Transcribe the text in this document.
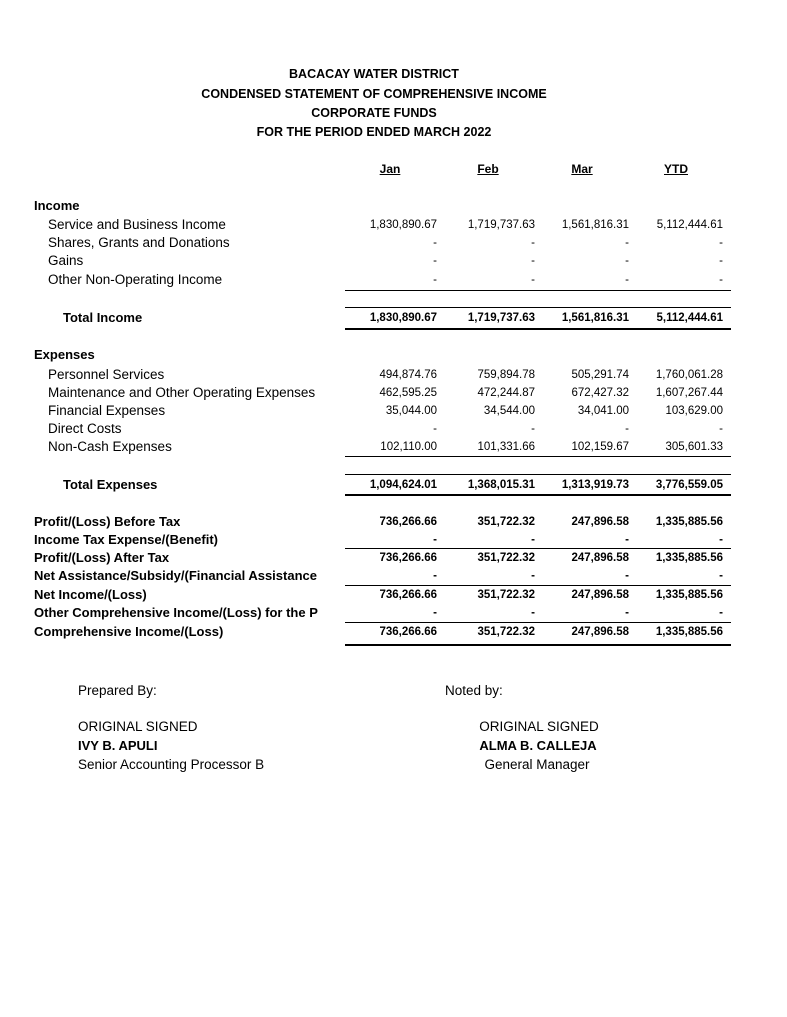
BACACAY WATER DISTRICT
CONDENSED STATEMENT OF COMPREHENSIVE INCOME
CORPORATE FUNDS
FOR THE PERIOD ENDED MARCH 2022
Jan	Feb	Mar	YTD
Income
Service and Business Income	1,830,890.67	1,719,737.63	1,561,816.31	5,112,444.61
Shares, Grants and Donations	-	-	-	-
Gains	-	-	-	-
Other Non-Operating Income	-	-	-	-
Total Income	1,830,890.67	1,719,737.63	1,561,816.31	5,112,444.61
Expenses
Personnel Services	494,874.76	759,894.78	505,291.74	1,760,061.28
Maintenance and Other Operating Expenses	462,595.25	472,244.87	672,427.32	1,607,267.44
Financial Expenses	35,044.00	34,544.00	34,041.00	103,629.00
Direct Costs	-	-	-	-
Non-Cash Expenses	102,110.00	101,331.66	102,159.67	305,601.33
Total Expenses	1,094,624.01	1,368,015.31	1,313,919.73	3,776,559.05
Profit/(Loss) Before Tax	736,266.66	351,722.32	247,896.58	1,335,885.56
Income Tax Expense/(Benefit)	-	-	-	-
Profit/(Loss) After Tax	736,266.66	351,722.32	247,896.58	1,335,885.56
Net Assistance/Subsidy/(Financial Assistance	-	-	-	-
Net Income/(Loss)	736,266.66	351,722.32	247,896.58	1,335,885.56
Other Comprehensive Income/(Loss) for the P	-	-	-	-
Comprehensive Income/(Loss)	736,266.66	351,722.32	247,896.58	1,335,885.56
Prepared By:
ORIGINAL SIGNED
IVY B. APULI
Senior Accounting Processor B
Noted by:
ORIGINAL SIGNED
ALMA B. CALLEJA
General Manager
